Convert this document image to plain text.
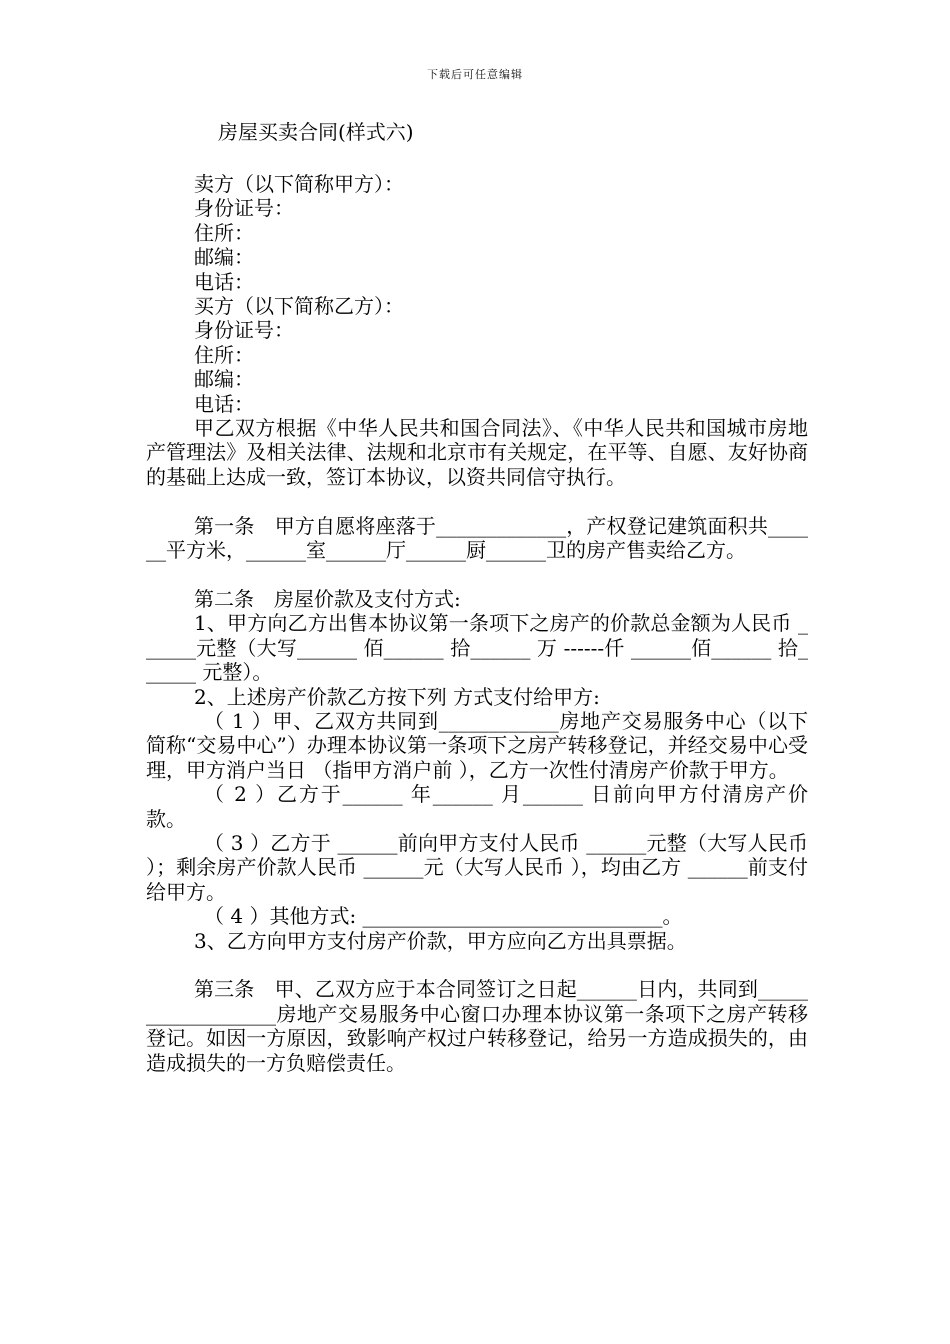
下载后可任意编辑
房屋买卖合同(样式六)
卖方（以下简称甲方）：
身份证号：
住所：
邮编：
电话：
买方（以下简称乙方）：
身份证号：
住所：
邮编：
电话：

甲乙双方根据《中华人民共和国合同法》、《中华人民共和国城市房地产管理法》及相关法律、法规和北京市有关规定，在平等、自愿、友好协商的基础上达成一致，签订本协议，以资共同信守执行。

第一条　甲方自愿将座落于_____________，产权登记建筑面积共______平方米，______室______厅______厨______卫的房产售卖给乙方。

第二条　房屋价款及支付方式:

1、甲方向乙方出售本协议第一条项下之房产的价款总金额为人民币 ______元整（大写______ 佰______ 拾______ 万 ------仟 ______佰______ 拾______ 元整）。

2、上述房产价款乙方按下列 方式支付给甲方:

（ 1 ）甲、乙双方共同到____________房地产交易服务中心（以下简称“交易中心”）办理本协议第一条项下之房产转移登记，并经交易中心受理，甲方消户当日 （指甲方消户前 ），乙方一次性付清房产价款于甲方。

（ 2 ）乙方于______ 年______ 月______ 日前向甲方付清房产价款。

（ 3 ）乙方于 ______前向甲方支付人民币 ______元整（大写人民币 ）；剩余房产价款人民币 ______元（大写人民币 ），均由乙方 ______前支付给甲方。

（ 4 ）其他方式: ______________________________。

3、乙方向甲方支付房产价款，甲方应向乙方出具票据。

第三条　甲、乙双方应于本合同签订之日起______日内，共同到__________________房地产交易服务中心窗口办理本协议第一条项下之房产转移登记。如因一方原因，致影响产权过户转移登记，给另一方造成损失的，由造成损失的一方负赔偿责任。
